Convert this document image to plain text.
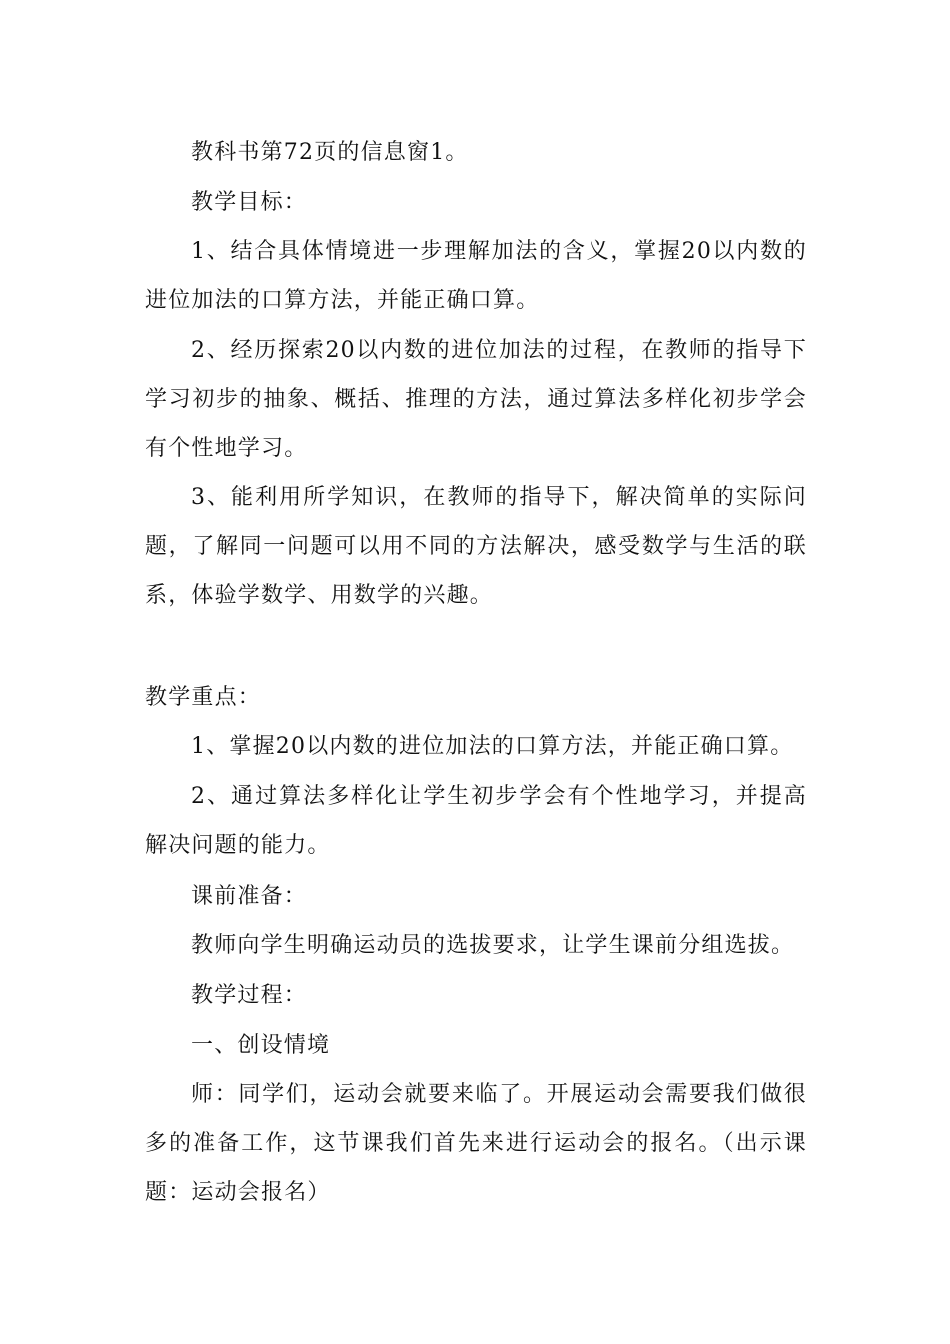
教科书第72页的信息窗1。

教学目标：

1、结合具体情境进一步理解加法的含义，掌握20以内数的进位加法的口算方法，并能正确口算。

2、经历探索20以内数的进位加法的过程，在教师的指导下学习初步的抽象、概括、推理的方法，通过算法多样化初步学会有个性地学习。

3、能利用所学知识，在教师的指导下，解决简单的实际问题，了解同一问题可以用不同的方法解决，感受数学与生活的联系，体验学数学、用数学的兴趣。

教学重点：

1、掌握20以内数的进位加法的口算方法，并能正确口算。

2、通过算法多样化让学生初步学会有个性地学习，并提高解决问题的能力。

课前准备：

教师向学生明确运动员的选拔要求，让学生课前分组选拔。

教学过程：

一、创设情境

师：同学们，运动会就要来临了。开展运动会需要我们做很多的准备工作，这节课我们首先来进行运动会的报名。（出示课题：运动会报名）
